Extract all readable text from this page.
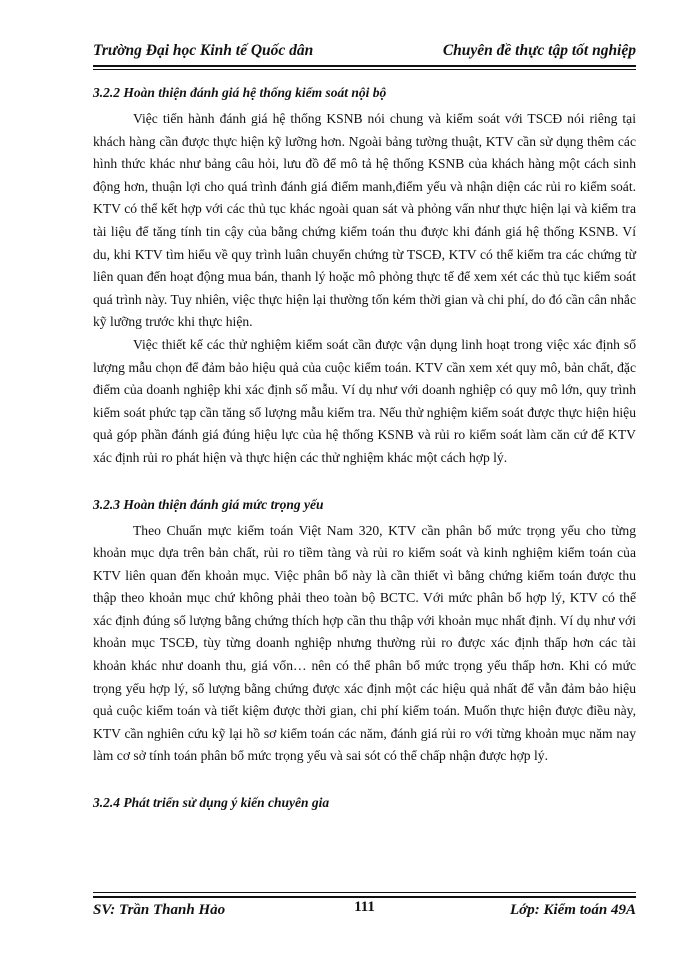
Trường Đại học Kinh tế Quốc dân	Chuyên đề thực tập tốt nghiệp
3.2.2 Hoàn thiện đánh giá hệ thống kiểm soát nội bộ

Việc tiến hành đánh giá hệ thống KSNB nói chung và kiểm soát với TSCĐ nói riêng tại khách hàng cần được thực hiện kỹ lưỡng hơn. Ngoài bảng tường thuật, KTV cần sử dụng thêm các hình thức khác như bảng câu hỏi, lưu đồ để mô tả hệ thống KSNB của khách hàng một cách sinh động hơn, thuận lợi cho quá trình đánh giá điểm manh,điểm yếu và nhận diện các rủi ro kiểm soát. KTV có thể kết hợp với các thủ tục khác ngoài quan sát và phỏng vấn như thực hiện lại và kiểm tra tài liệu để tăng tính tin cậy của bằng chứng kiểm toán thu được khi đánh giá hệ thống KSNB. Ví du, khi KTV tìm hiểu về quy trình luân chuyển chứng từ TSCĐ, KTV có thể kiểm tra các chứng từ liên quan đến hoạt động mua bán, thanh lý hoặc mô phỏng thực tế để xem xét các thủ tục kiểm soát quá trình này. Tuy nhiên, việc thực hiện lại thường tốn kém thời gian và chi phí, do đó cần cân nhắc kỹ lưỡng trước khi thực hiện.

Việc thiết kế các thử nghiệm kiểm soát cần được vận dụng linh hoạt trong việc xác định số lượng mẫu chọn để đảm bảo hiệu quả của cuộc kiểm toán. KTV cần xem xét quy mô, bản chất, đặc điểm của doanh nghiệp khi xác định số mẫu. Ví dụ như với doanh nghiệp có quy mô lớn, quy trình kiểm soát phức tạp cần tăng số lượng mẫu kiểm tra. Nếu thử nghiệm kiểm soát được thực hiện hiệu quả góp phần đánh giá đúng hiệu lực của hệ thống KSNB và rủi ro kiểm soát làm căn cứ để KTV xác định rủi ro phát hiện và thực hiện các thử nghiệm khác một cách hợp lý.

3.2.3 Hoàn thiện đánh giá mức trọng yếu

Theo Chuẩn mực kiểm toán Việt Nam 320, KTV cần phân bổ mức trọng yếu cho từng khoản mục dựa trên bản chất, rủi ro tiềm tàng và rủi ro kiểm soát và kinh nghiệm kiểm toán của KTV liên quan đến khoản mục. Việc phân bổ này là cần thiết vì bằng chứng kiểm toán được thu thập theo khoản mục chứ không phải theo toàn bộ BCTC. Với mức phân bổ hợp lý, KTV có thể xác định đúng số lượng bằng chứng thích hợp cần thu thập với khoản mục nhất định. Ví dụ như với khoản mục TSCĐ, tùy từng doanh nghiệp nhưng thường rủi ro được xác định thấp hơn các tài khoản khác như doanh thu, giá vốn… nên có thể phân bổ mức trọng yếu thấp hơn. Khi có mức trọng yếu hợp lý, số lượng bằng chứng được xác định một các hiệu quả nhất để vẫn đảm bảo hiệu quả cuộc kiểm toán và tiết kiệm được thời gian, chi phí kiểm toán. Muốn thực hiện được điều này, KTV cần nghiên cứu kỹ lại hồ sơ kiểm toán các năm, đánh giá rủi ro với từng khoản mục năm nay làm cơ sở tính toán phân bổ mức trọng yếu và sai sót có thể chấp nhận được hợp lý.

3.2.4 Phát triển sử dụng ý kiến chuyên gia
SV: Trần Thanh Hảo	111	Lớp: Kiểm toán 49A
